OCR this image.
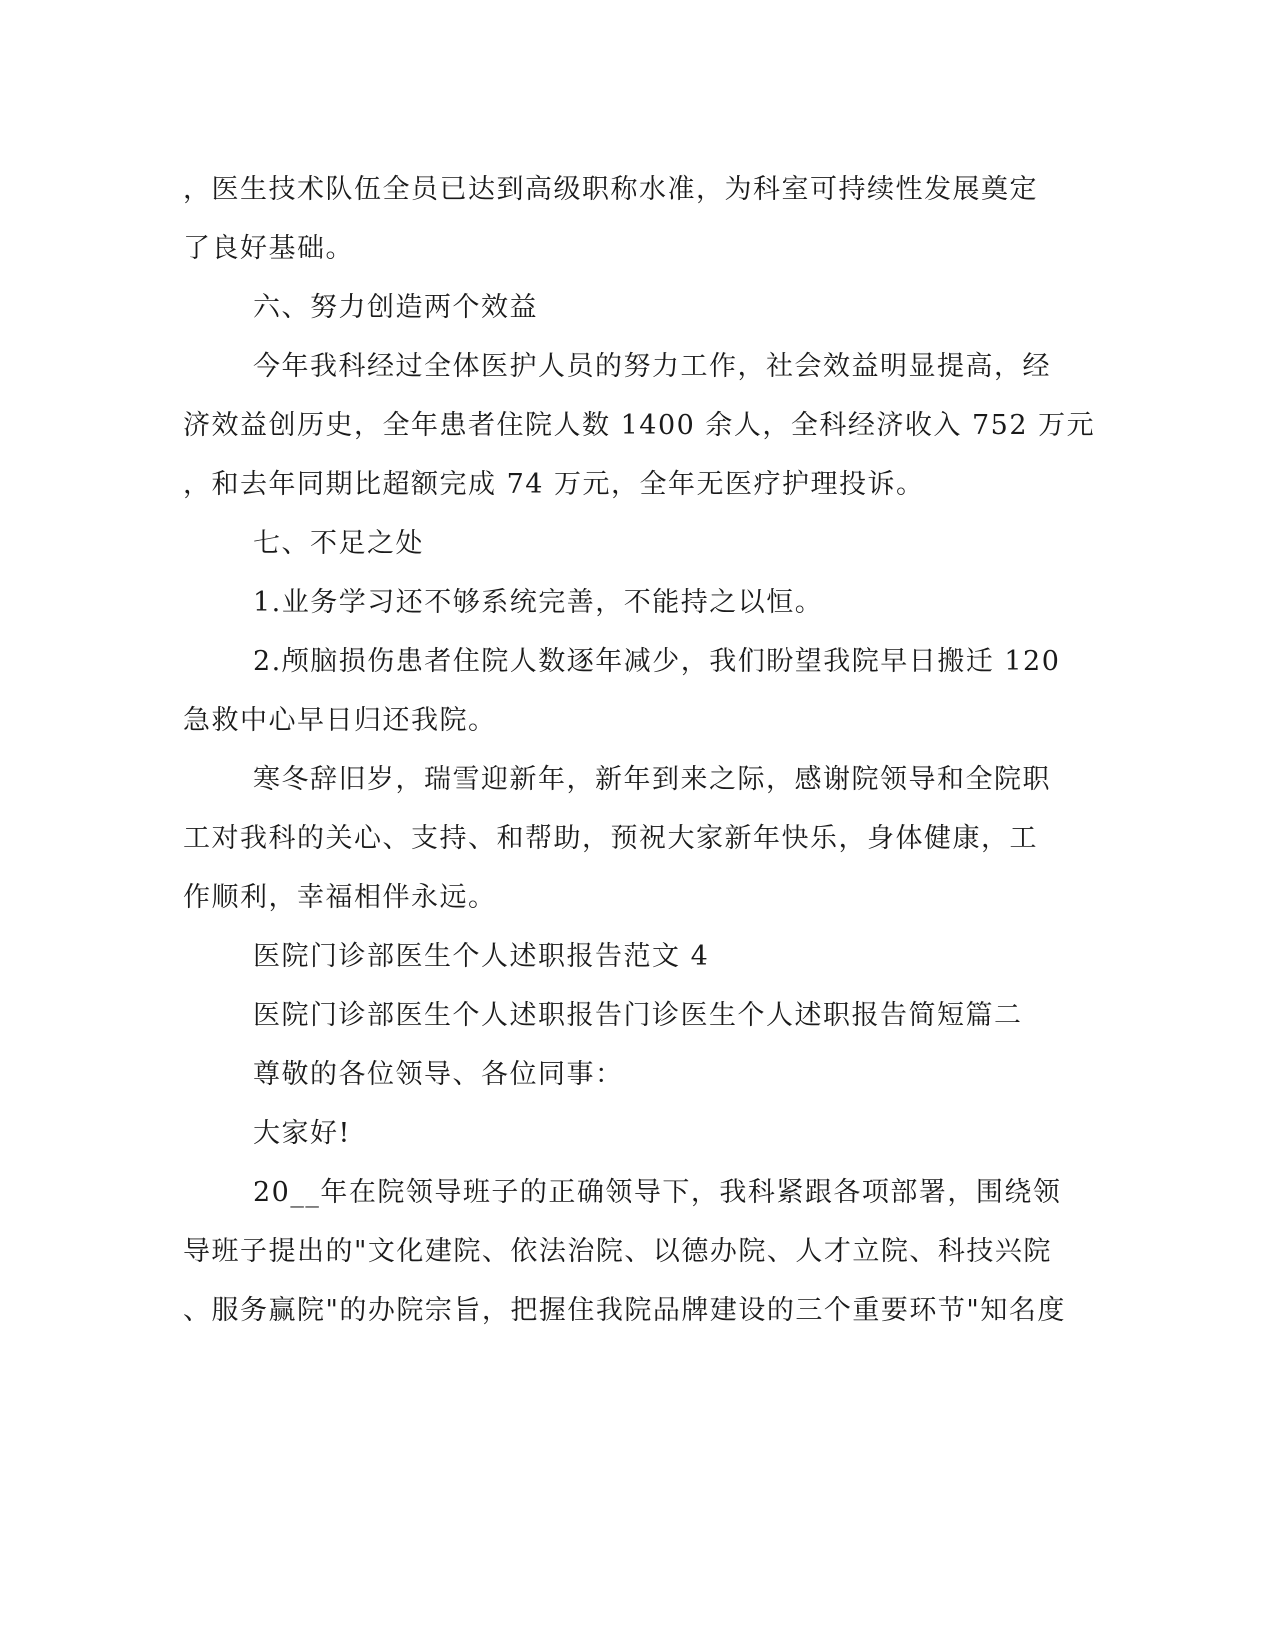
，医生技术队伍全员已达到高级职称水准，为科室可持续性发展奠定
了良好基础。
六、努力创造两个效益
今年我科经过全体医护人员的努力工作，社会效益明显提高，经
济效益创历史，全年患者住院人数 1400 余人，全科经济收入 752 万元
，和去年同期比超额完成 74 万元，全年无医疗护理投诉。
七、不足之处
1.业务学习还不够系统完善，不能持之以恒。
2.颅脑损伤患者住院人数逐年减少，我们盼望我院早日搬迁 120
急救中心早日归还我院。
寒冬辞旧岁，瑞雪迎新年，新年到来之际，感谢院领导和全院职
工对我科的关心、支持、和帮助，预祝大家新年快乐，身体健康，工
作顺利，幸福相伴永远。
医院门诊部医生个人述职报告范文 4
医院门诊部医生个人述职报告门诊医生个人述职报告简短篇二
尊敬的各位领导、各位同事：
大家好!
20__年在院领导班子的正确领导下，我科紧跟各项部署，围绕领
导班子提出的"文化建院、依法治院、以德办院、人才立院、科技兴院
、服务赢院"的办院宗旨，把握住我院品牌建设的三个重要环节"知名度
